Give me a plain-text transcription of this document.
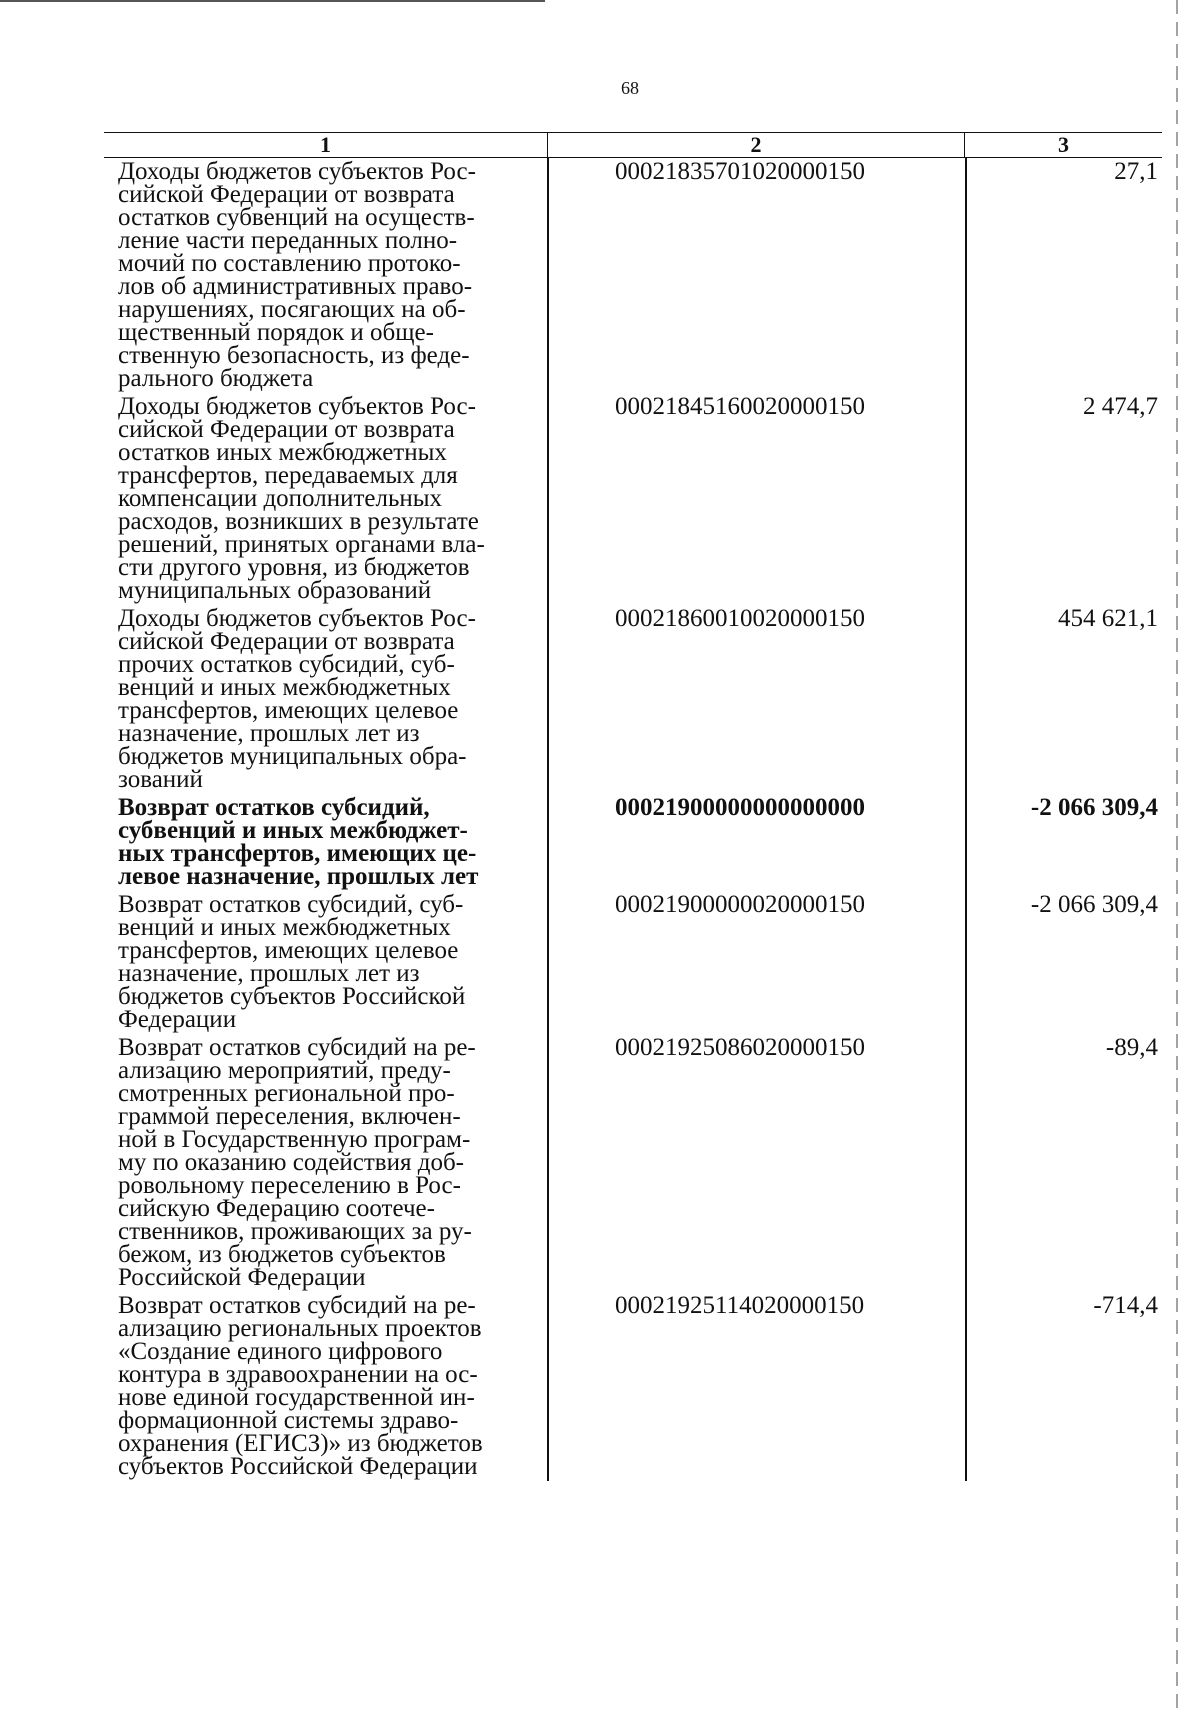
68
1	2	3
Доходы бюджетов субъектов Рос-
сийской Федерации от возврата
остатков субвенций на осуществ-
ление части переданных полно-
мочий по составлению протоко-
лов об административных право-
нарушениях, посягающих на об-
щественный порядок и обще-
ственную безопасность, из феде-
рального бюджета
00021835701020000150	27,1
Доходы бюджетов субъектов Рос-
сийской Федерации от возврата
остатков иных межбюджетных
трансфертов, передаваемых для
компенсации дополнительных
расходов, возникших в результате
решений, принятых органами вла-
сти другого уровня, из бюджетов
муниципальных образований
00021845160020000150	2 474,7
Доходы бюджетов субъектов Рос-
сийской Федерации от возврата
прочих остатков субсидий, суб-
венций и иных межбюджетных
трансфертов, имеющих целевое
назначение, прошлых лет из
бюджетов муниципальных обра-
зований
00021860010020000150	454 621,1
Возврат остатков субсидий,
субвенций и иных межбюджет-
ных трансфертов, имеющих це-
левое назначение, прошлых лет
00021900000000000000	-2 066 309,4
Возврат остатков субсидий, суб-
венций и иных межбюджетных
трансфертов, имеющих целевое
назначение, прошлых лет из
бюджетов субъектов Российской
Федерации
00021900000020000150	-2 066 309,4
Возврат остатков субсидий на ре-
ализацию мероприятий, преду-
смотренных региональной про-
граммой переселения, включен-
ной в Государственную програм-
му по оказанию содействия доб-
ровольному переселению в Рос-
сийскую Федерацию соотече-
ственников, проживающих за ру-
бежом, из бюджетов субъектов
Российской Федерации
00021925086020000150	-89,4
Возврат остатков субсидий на ре-
ализацию региональных проектов
«Создание единого цифрового
контура в здравоохранении на ос-
нове единой государственной ин-
формационной системы здраво-
охранения (ЕГИСЗ)» из бюджетов
субъектов Российской Федерации
00021925114020000150	-714,4
